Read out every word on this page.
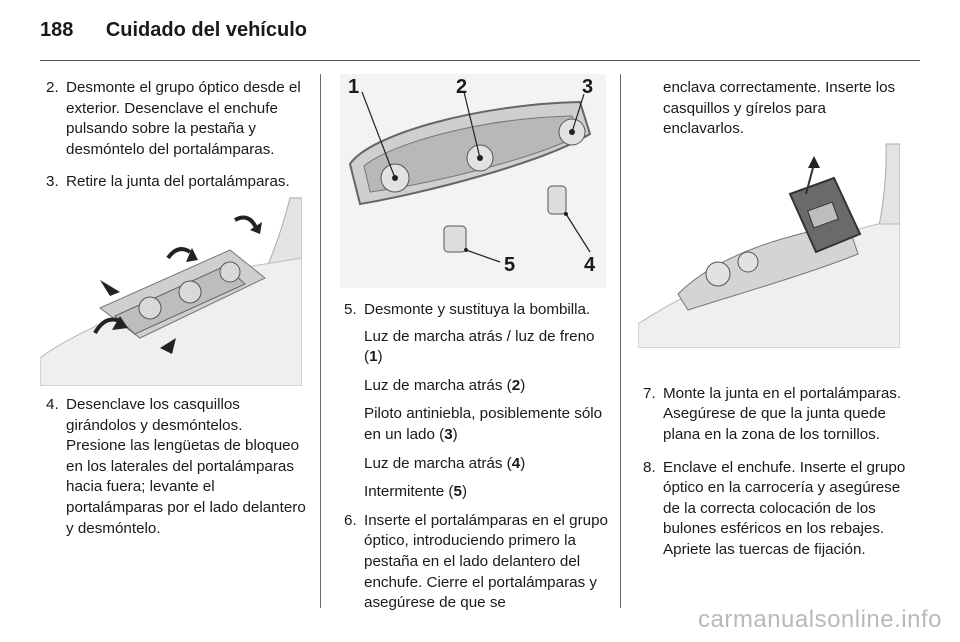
188 Cuidado del vehículo
2. Desmonte el grupo óptico desde el exterior. Desenclave el enchufe pulsando sobre la pestaña y desmóntelo del portalámparas.
3. Retire la junta del portalámparas.
4. Desenclave los casquillos girándolos y desmóntelos. Presione las lengüetas de bloqueo en los laterales del portalámparas hacia fuera; levante el portalámparas por el lado delantero y desmóntelo.
1	2	3
5	4
5. Desmonte y sustituya la bombilla.
Luz de marcha atrás / luz de freno (1)
Luz de marcha atrás (2)
Piloto antiniebla, posiblemente sólo en un lado (3)
Luz de marcha atrás (4)
Intermitente (5)
6. Inserte el portalámparas en el grupo óptico, introduciendo primero la pestaña en el lado delantero del enchufe. Cierre el portalámparas y asegúrese de que se
enclava correctamente. Inserte los casquillos y gírelos para enclavarlos.
7. Monte la junta en el portalámparas. Asegúrese de que la junta quede plana en la zona de los tornillos.
8. Enclave el enchufe. Inserte el grupo óptico en la carrocería y asegúrese de la correcta colocación de los bulones esféricos en los rebajes. Apriete las tuercas de fijación.
carmanualsonline.info
